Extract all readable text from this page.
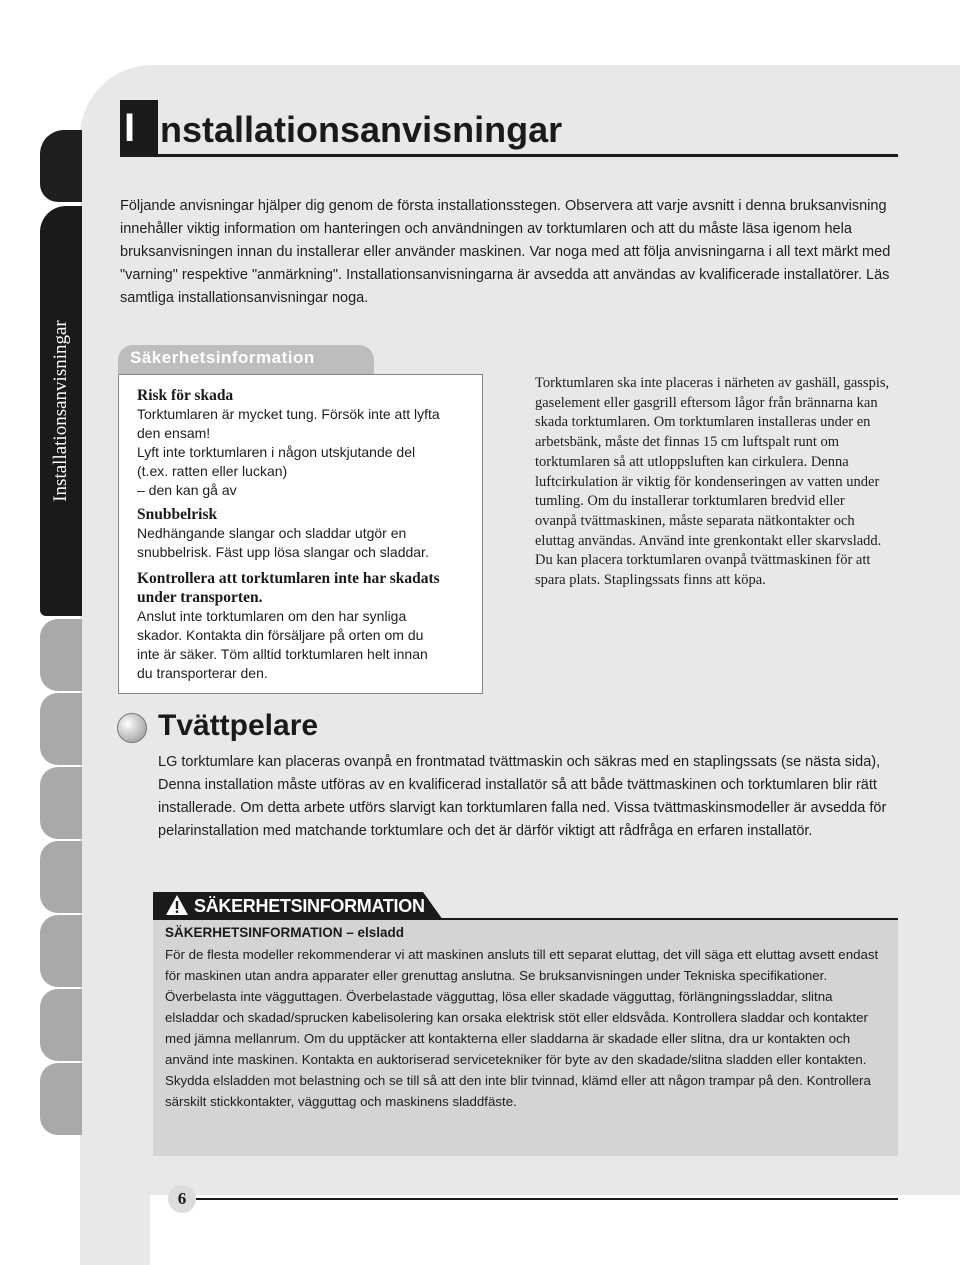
Installationsanvisningar
I nstallationsanvisningar
Följande anvisningar hjälper dig genom de första installationsstegen. Observera att varje avsnitt i denna bruksanvisning innehåller viktig information om hanteringen och användningen av torktumlaren och att du måste läsa igenom hela bruksanvisningen innan du installerar eller använder maskinen. Var noga med att följa anvisningarna i all text märkt med "varning" respektive "anmärkning". Installationsanvisningarna är avsedda att användas av kvalificerade installatörer. Läs samtliga installationsanvisningar noga.
Säkerhetsinformation
Risk för skada
Torktumlaren är mycket tung. Försök inte att lyfta
den ensam!
Lyft inte torktumlaren i någon utskjutande del
(t.ex. ratten eller luckan)
– den kan gå av
Snubbelrisk
Nedhängande slangar och sladdar utgör en
snubbelrisk. Fäst upp lösa slangar och sladdar.
Kontrollera att torktumlaren inte har skadats under transporten.
Anslut inte torktumlaren om den har synliga
skador. Kontakta din försäljare på orten om du
inte är säker. Töm alltid torktumlaren helt innan
du transporterar den.
Torktumlaren ska inte placeras i närheten av gashäll, gasspis, gaselement eller gasgrill eftersom lågor från brännarna kan skada torktumlaren. Om torktumlaren installeras under en arbetsbänk, måste det finnas 15 cm luftspalt runt om torktumlaren så att utloppsluften kan cirkulera. Denna luftcirkulation är viktig för kondenseringen av vatten under tumling. Om du installerar torktumlaren bredvid eller ovanpå tvättmaskinen, måste separata nätkontakter och eluttag användas. Använd inte grenkontakt eller skarvsladd. Du kan placera torktumlaren ovanpå tvättmaskinen för att spara plats. Staplingssats finns att köpa.
Tvättpelare
LG torktumlare kan placeras ovanpå en frontmatad tvättmaskin och säkras med en staplingssats (se nästa sida), Denna installation måste utföras av en kvalificerad installatör så att både tvättmaskinen och torktumlaren blir rätt installerade. Om detta arbete utförs slarvigt kan torktumlaren falla ned. Vissa tvättmaskinsmodeller är avsedda för pelarinstallation med matchande torktumlare och det är därför viktigt att rådfråga en erfaren installatör.
SÄKERHETSINFORMATION
SÄKERHETSINFORMATION – elsladd

För de flesta modeller rekommenderar vi att maskinen ansluts till ett separat eluttag, det vill säga ett eluttag avsett endast för maskinen utan andra apparater eller grenuttag anslutna. Se bruksanvisningen under Tekniska specifikationer.

Överbelasta inte vägguttagen. Överbelastade vägguttag, lösa eller skadade vägguttag, förlängningssladdar, slitna elsladdar och skadad/sprucken kabelisolering kan orsaka elektrisk stöt eller eldsvåda. Kontrollera sladdar och kontakter med jämna mellanrum. Om du upptäcker att kontakterna eller sladdarna är skadade eller slitna, dra ur kontakten och använd inte maskinen. Kontakta en auktoriserad servicetekniker för byte av den skadade/slitna sladden eller kontakten. Skydda elsladden mot belastning och se till så att den inte blir tvinnad, klämd eller att någon trampar på den. Kontrollera särskilt stickkontakter, vägguttag och maskinens sladdfäste.

6
